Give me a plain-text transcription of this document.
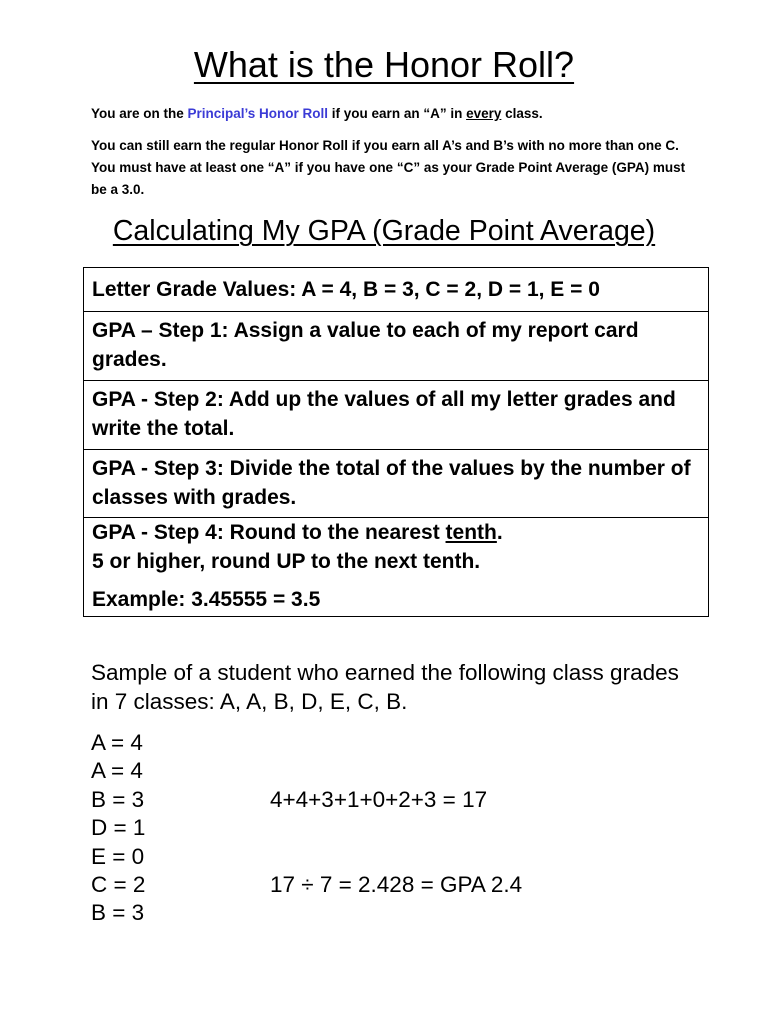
What is the Honor Roll?

You are on the Principal’s Honor Roll if you earn an “A” in every class.

You can still earn the regular Honor Roll if you earn all A’s and B’s with no more than one C. You must have at least one “A” if you have one “C” as your Grade Point Average (GPA) must be a 3.0.

Calculating My GPA (Grade Point Average)
Letter Grade Values: A = 4, B = 3, C = 2, D = 1, E = 0
GPA – Step 1: Assign a value to each of my report card grades.
GPA - Step 2: Add up the values of all my letter grades and write the total.
GPA - Step 3: Divide the total of the values by the number of classes with grades.
GPA - Step 4: Round to the nearest tenth.
5 or higher, round UP to the next tenth.
Example: 3.45555 = 3.5

Sample of a student who earned the following class grades in 7 classes: A, A, B, D, E, C, B.

A = 4
A = 4
B = 3
D = 1
E = 0
C = 2
B = 3
4+4+3+1+0+2+3 = 17
17 ÷ 7 = 2.428 = GPA 2.4
